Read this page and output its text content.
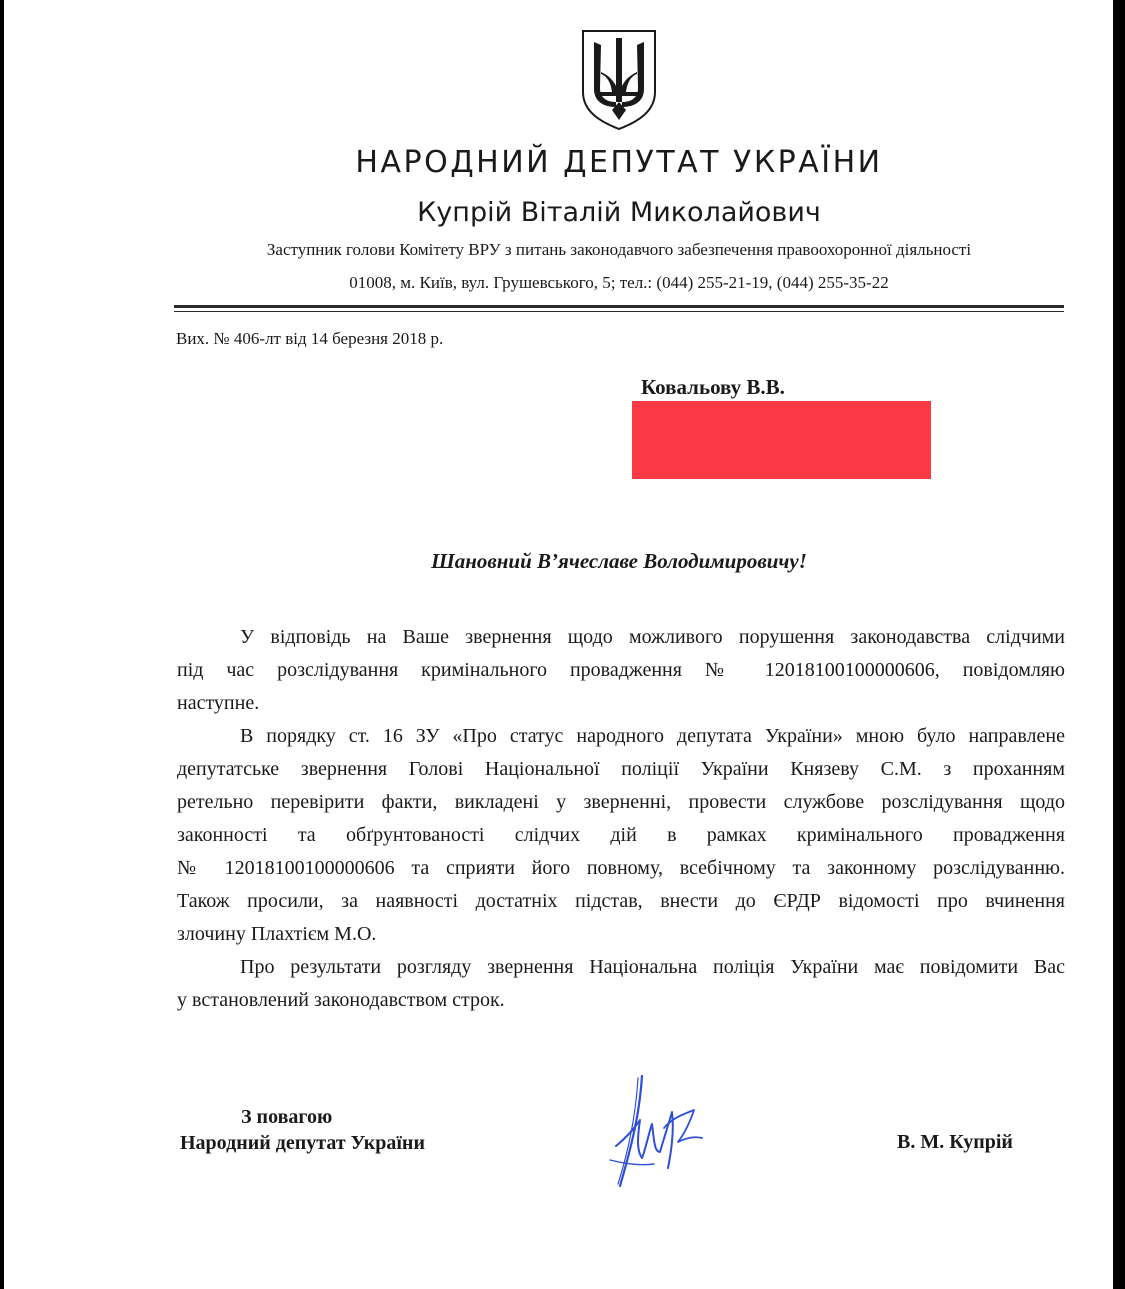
НАРОДНИЙ ДЕПУТАТ УКРАЇНИ
Купрій Віталій Миколайович
Заступник голови Комітету ВРУ з питань законодавчого забезпечення правоохоронної діяльності
01008, м. Київ, вул. Грушевського, 5; тел.: (044) 255-21-19, (044) 255-35-22
Вих. № 406-лт від 14 березня 2018 р.
Ковальову В.В.
Шановний В’ячеславе Володимировичу!
У відповідь на Ваше звернення щодо можливого порушення законодавства слідчими
під час розслідування кримінального провадження № 12018100100000606, повідомляю
наступне.
В порядку ст. 16 ЗУ «Про статус народного депутата України» мною було направлене
депутатське звернення Голові Національної поліції України Князеву С.М. з проханням
ретельно перевірити факти, викладені у зверненні, провести службове розслідування щодо
законності та обґрунтованості слідчих дій в рамках кримінального провадження
№ 12018100100000606 та сприяти його повному, всебічному та законному розслідуванню.
Також просили, за наявності достатніх підстав, внести до ЄРДР відомості про вчинення
злочину Плахтієм М.О.
Про результати розгляду звернення Національна поліція України має повідомити Вас
у встановлений законодавством строк.
З повагою
Народний депутат України	В. М. Купрій
